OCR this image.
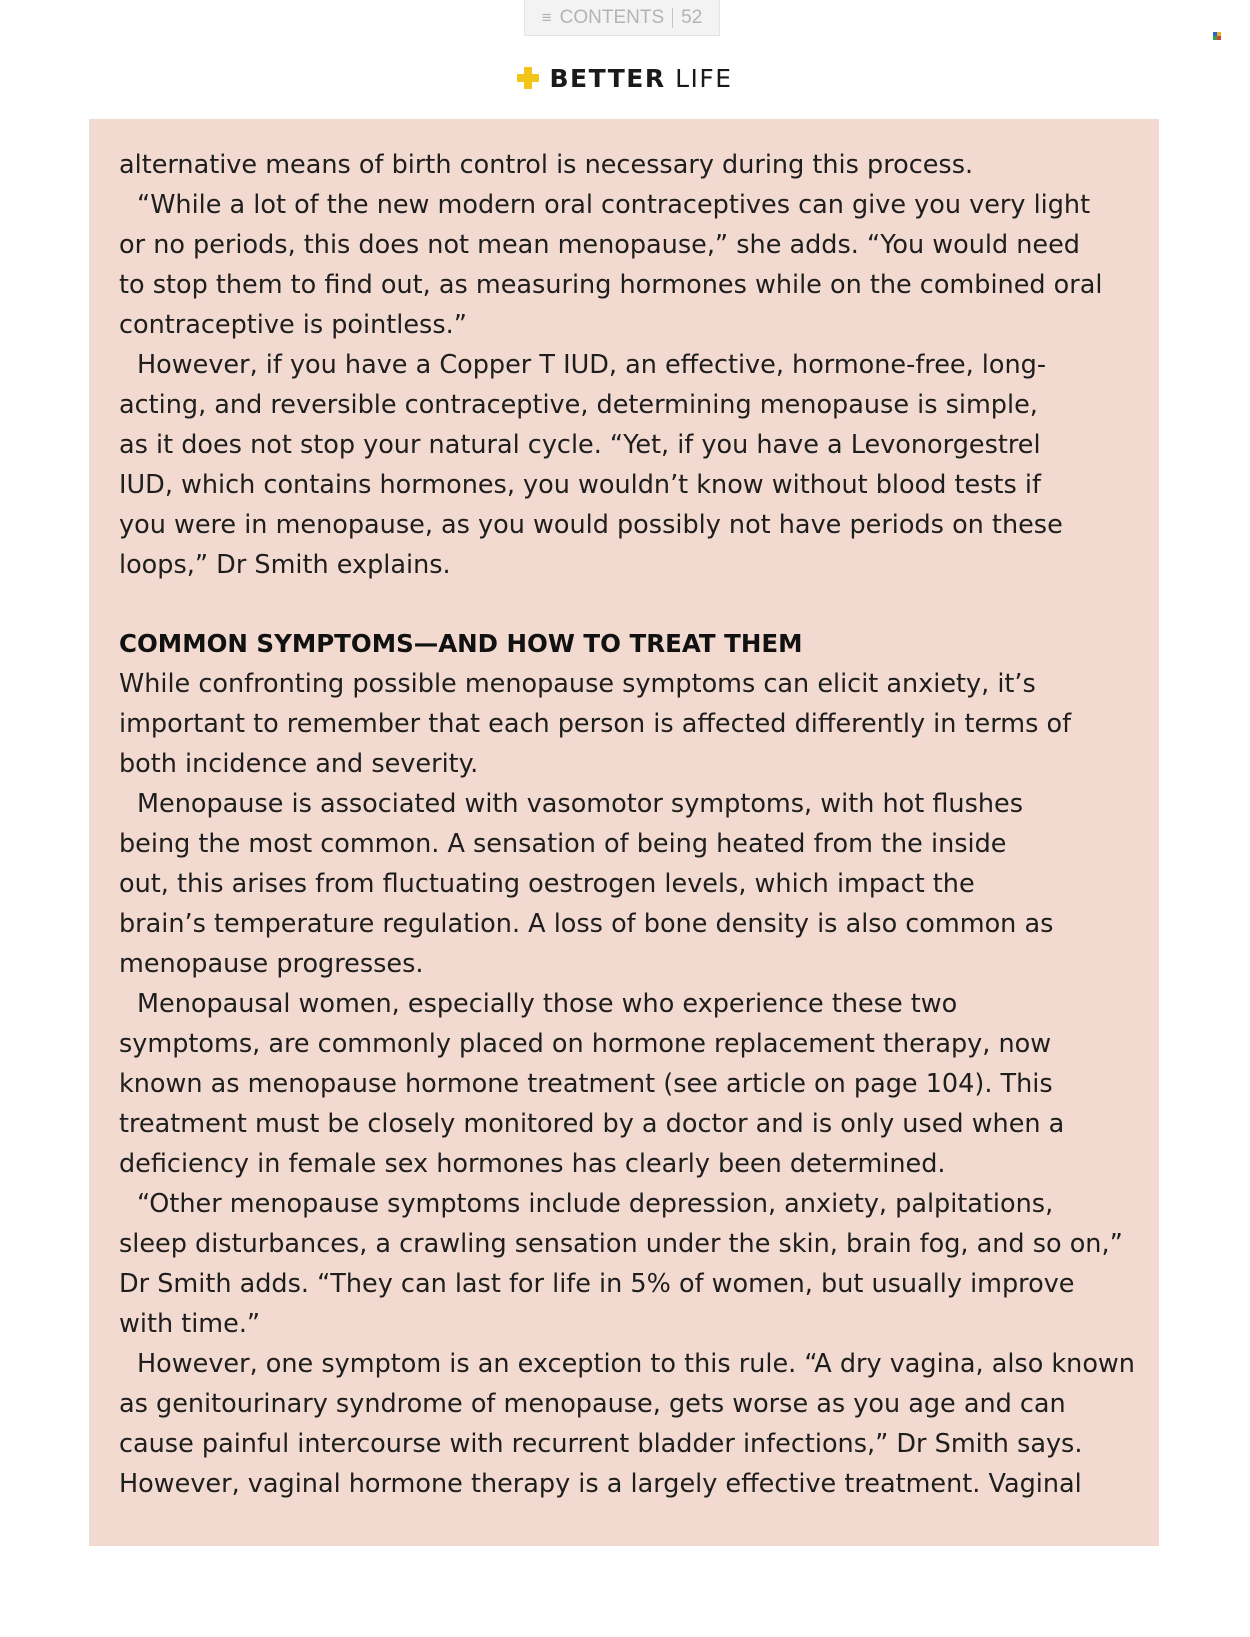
≡ CONTENTS 52
BETTER LIFE

alternative means of birth control is necessary during this process.

“While a lot of the new modern oral contraceptives can give you very light

or no periods, this does not mean menopause,” she adds. “You would need

to stop them to find out, as measuring hormones while on the combined oral

contraceptive is pointless.”

However, if you have a Copper T IUD, an effective, hormone-free, long-

acting, and reversible contraceptive, determining menopause is simple,

as it does not stop your natural cycle. “Yet, if you have a Levonorgestrel

IUD, which contains hormones, you wouldn’t know without blood tests if

you were in menopause, as you would possibly not have periods on these

loops,” Dr Smith explains.

COMMON SYMPTOMS—AND HOW TO TREAT THEM

While confronting possible menopause symptoms can elicit anxiety, it’s

important to remember that each person is affected differently in terms of

both incidence and severity.

Menopause is associated with vasomotor symptoms, with hot flushes

being the most common. A sensation of being heated from the inside

out, this arises from fluctuating oestrogen levels, which impact the

brain’s temperature regulation. A loss of bone density is also common as

menopause progresses.

Menopausal women, especially those who experience these two

symptoms, are commonly placed on hormone replacement therapy, now

known as menopause hormone treatment (see article on page 104). This

treatment must be closely monitored by a doctor and is only used when a

deficiency in female sex hormones has clearly been determined.

“Other menopause symptoms include depression, anxiety, palpitations,

sleep disturbances, a crawling sensation under the skin, brain fog, and so on,”

Dr Smith adds. “They can last for life in 5% of women, but usually improve

with time.”

However, one symptom is an exception to this rule. “A dry vagina, also known

as genitourinary syndrome of menopause, gets worse as you age and can

cause painful intercourse with recurrent bladder infections,” Dr Smith says.

However, vaginal hormone therapy is a largely effective treatment. Vaginal
